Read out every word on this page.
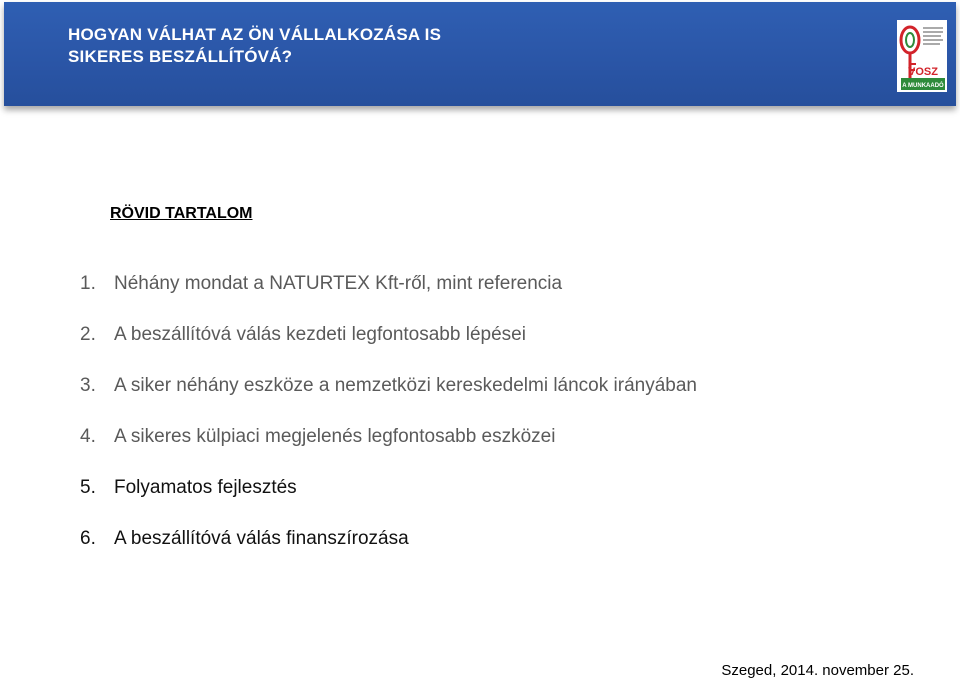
HOGYAN VÁLHAT AZ ÖN VÁLLALKOZÁSA IS
SIKERES BESZÁLLÍTÓVÁ?
VOSZ
A MUNKAADÓ
RÖVID TARTALOM
1. Néhány mondat a NATURTEX Kft-ről, mint referencia
2. A beszállítóvá válás kezdeti legfontosabb lépései
3. A siker néhány eszköze a nemzetközi kereskedelmi láncok irányában
4. A sikeres külpiaci megjelenés legfontosabb eszközei
5. Folyamatos fejlesztés
6. A beszállítóvá válás finanszírozása
Szeged, 2014. november 25.
